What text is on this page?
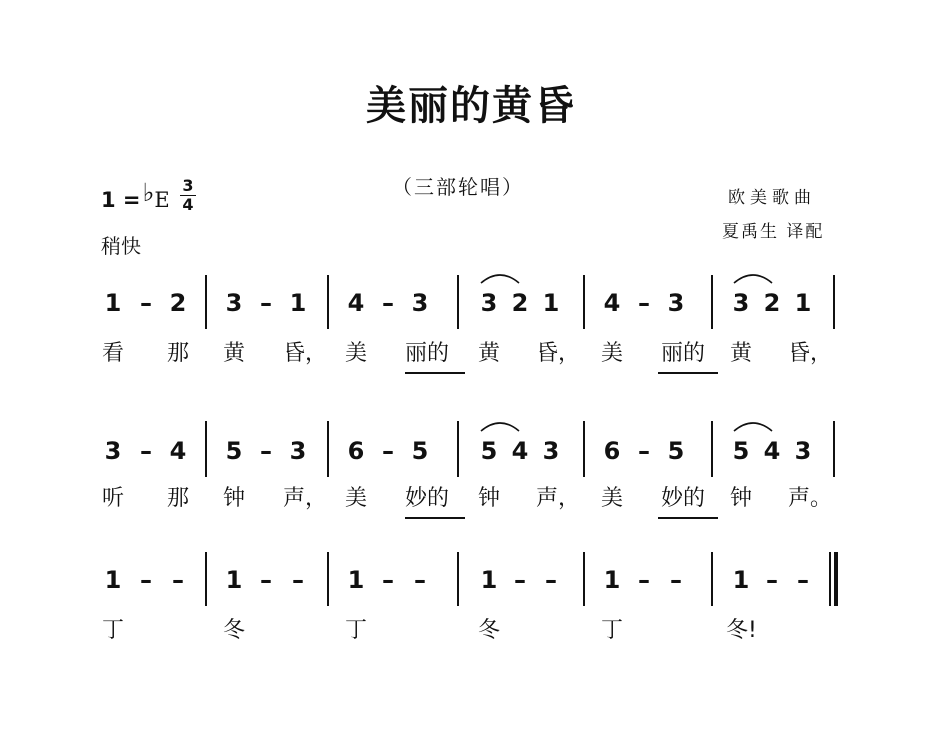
美丽的黄昏
（三部轮唱）
1 =♭E
3
4
稍快
欧美歌曲
夏禹生 译配
1 – 2 3 – 1 4 – 3 3 2 1 4 – 3 3 2 1
看 那 黄 昏， 美 丽的	黄 昏， 美 丽的	黄 昏，
3 – 4 5 – 3 6 – 5 5 4 3 6 – 5 5 4 3
听 那 钟 声， 美 妙的	钟 声， 美 妙的	钟 声。
1 – –	1 – –	1 – –	1 – –	1 – –	1 – –
丁	冬	丁	冬	丁	冬!
